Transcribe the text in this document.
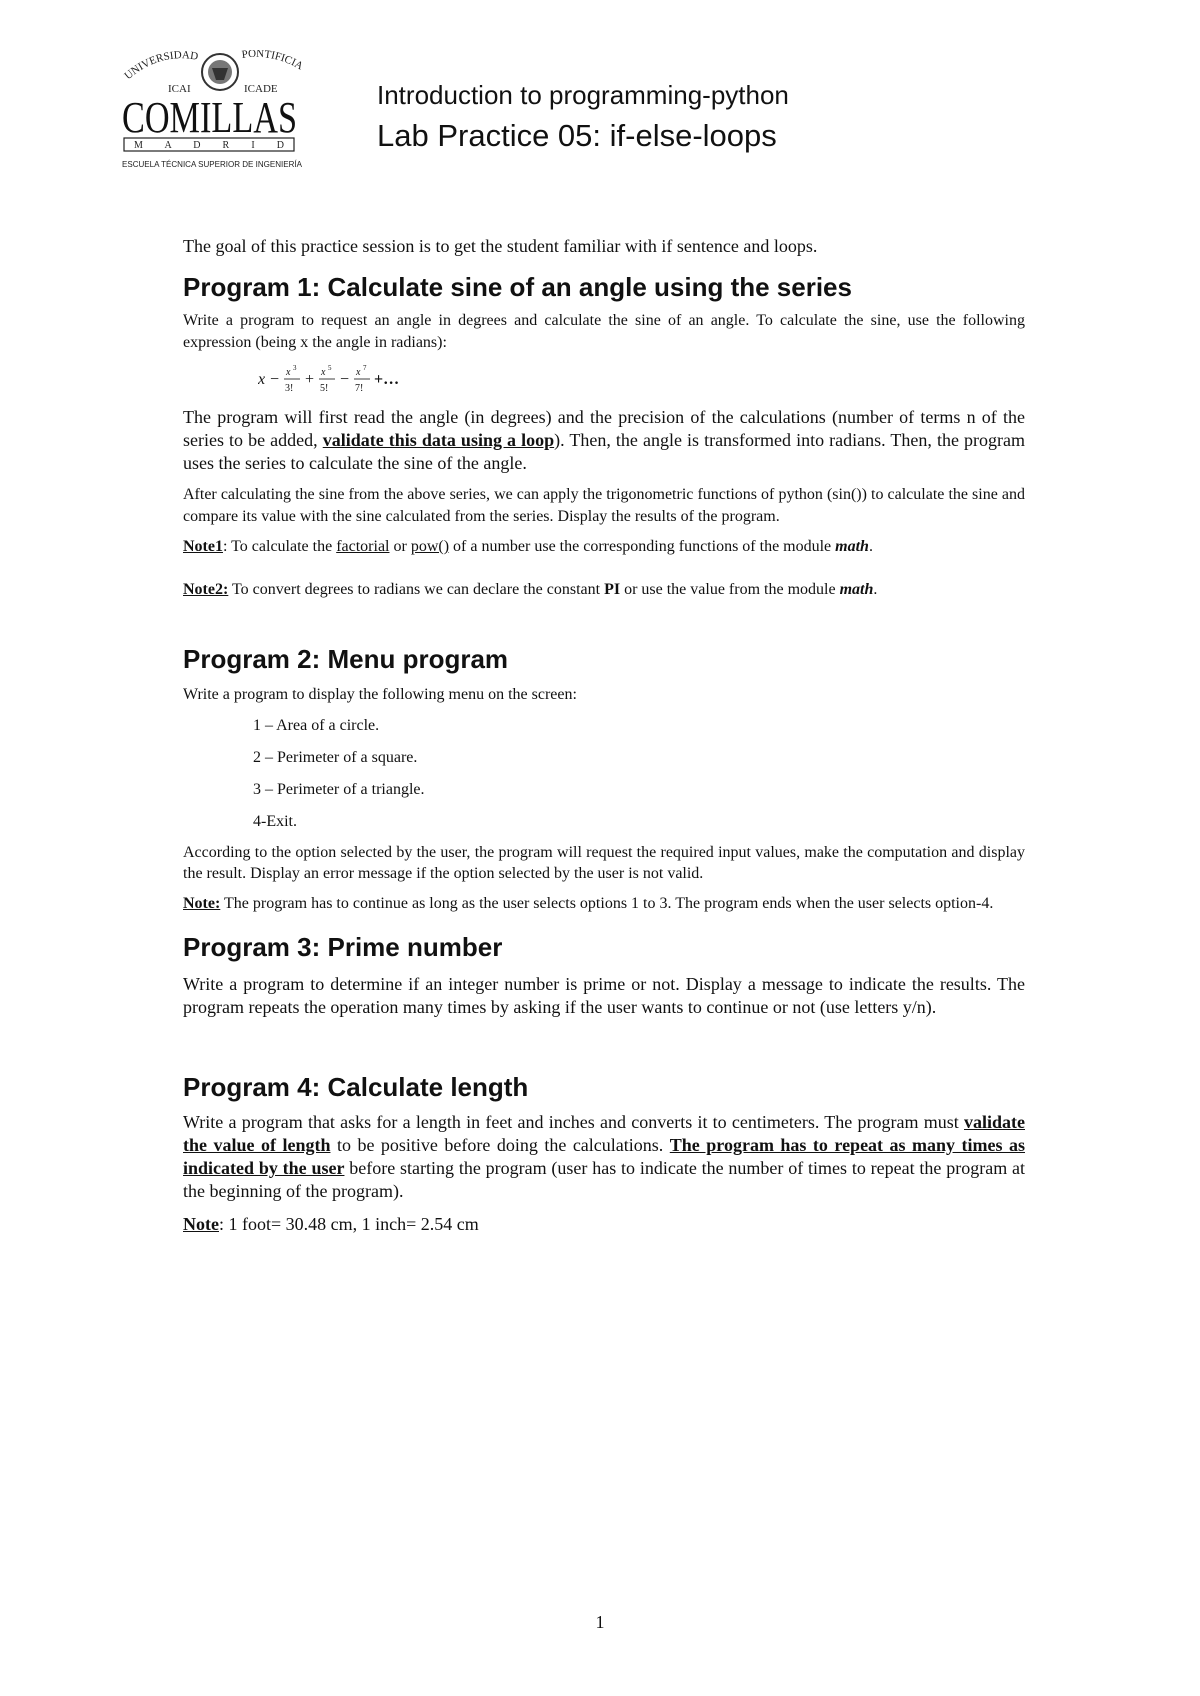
UNIVERSIDAD	PONTIFICIA
ICAI	ICADE
COMILLAS
M A D R I D
ESCUELA TÉCNICA SUPERIOR DE INGENIERÍA
Introduction to programming-python
Lab Practice 05: if-else-loops

The goal of this practice session is to get the student familiar with if sentence and loops.

Program 1: Calculate sine of an angle using the series

Write a program to request an angle in degrees and calculate the sine of an angle. To calculate the sine, use the following expression (being x the angle in radians):

x − x 3
3!
+ x 5
5!
− x 7
7!
+…

The program will first read the angle (in degrees) and the precision of the calculations (number of terms n of the series to be added, validate this data using a loop). Then, the angle is transformed into radians. Then, the program uses the series to calculate the sine of the angle.

After calculating the sine from the above series, we can apply the trigonometric functions of python (sin()) to calculate the sine and compare its value with the sine calculated from the series. Display the results of the program.

Note1: To calculate the factorial or pow() of a number use the corresponding functions of the module math.

Note2: To convert degrees to radians we can declare the constant PI or use the value from the module math.

Program 2: Menu program

Write a program to display the following menu on the screen:

1 – Area of a circle.
2 – Perimeter of a square.
3 – Perimeter of a triangle.
4-Exit.

According to the option selected by the user, the program will request the required input values, make the computation and display the result. Display an error message if the option selected by the user is not valid.

Note: The program has to continue as long as the user selects options 1 to 3. The program ends when the user selects option-4.

Program 3: Prime number

Write a program to determine if an integer number is prime or not. Display a message to indicate the results. The program repeats the operation many times by asking if the user wants to continue or not (use letters y/n).

Program 4: Calculate length

Write a program that asks for a length in feet and inches and converts it to centimeters. The program must validate the value of length to be positive before doing the calculations. The program has to repeat as many times as indicated by the user before starting the program (user has to indicate the number of times to repeat the program at the beginning of the program).

Note: 1 foot= 30.48 cm, 1 inch= 2.54 cm

1
